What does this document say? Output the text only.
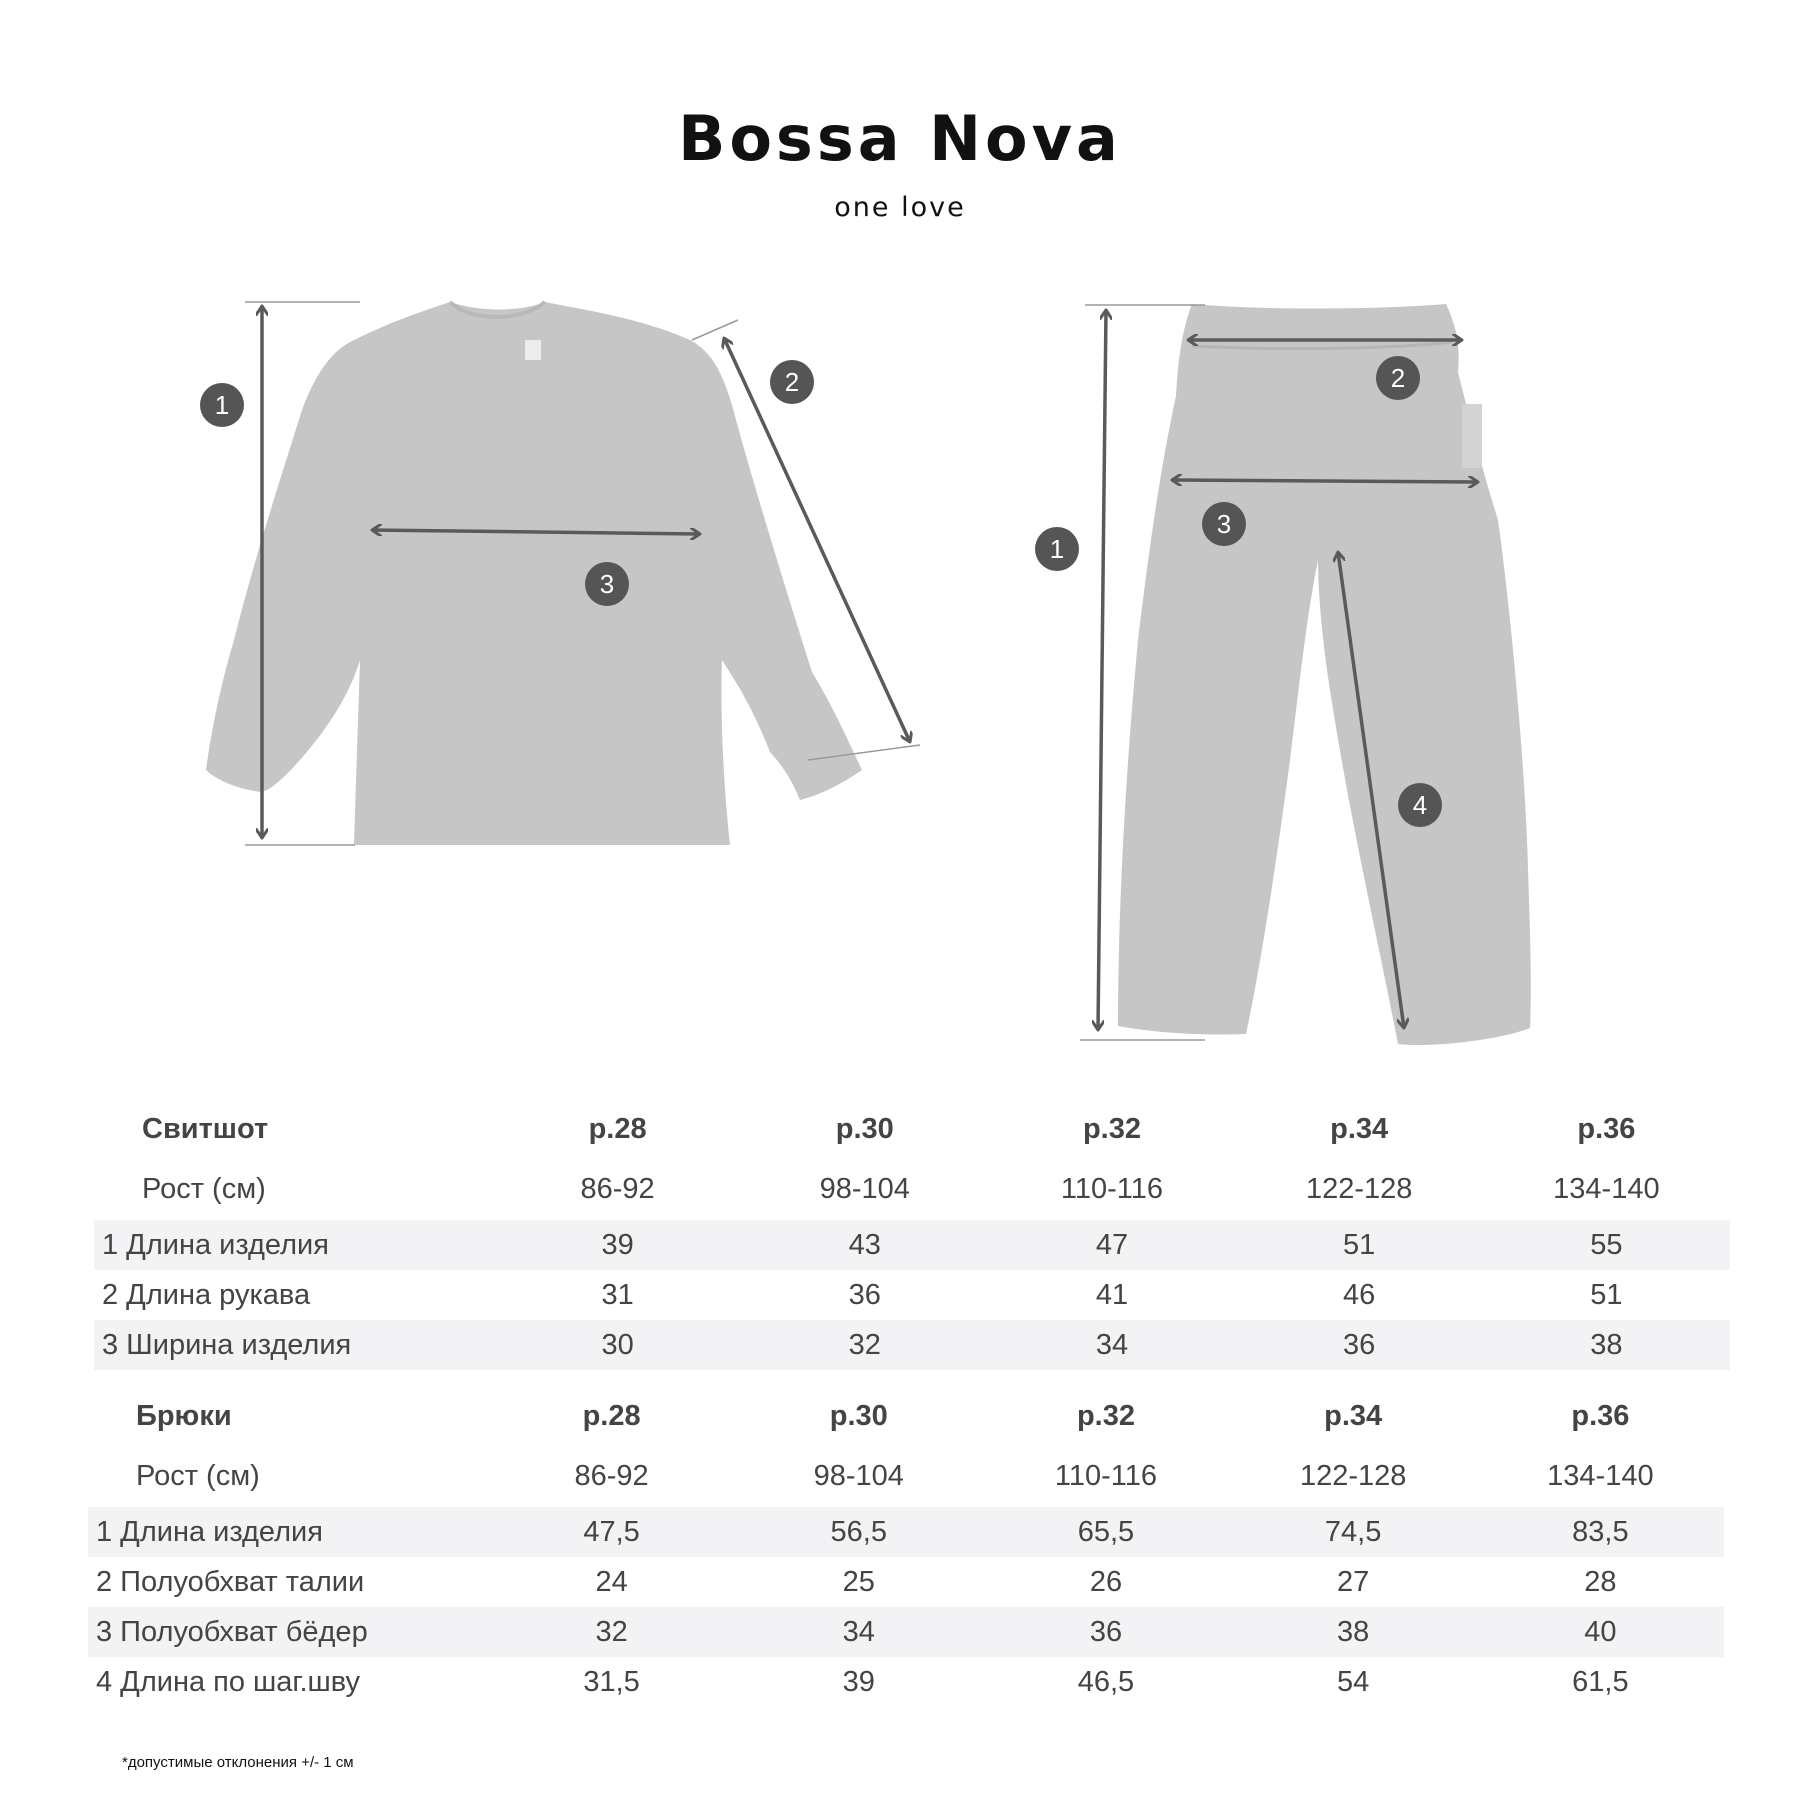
Bossa Nova
one love
1
2
3
1
2
3
4
Свитшот	р.28	р.30	р.32	р.34	р.36
Рост (см)	86-92	98-104	110-116	122-128	134-140
1 Длина изделия	39	43	47	51	55
2 Длина рукава	31	36	41	46	51
3 Ширина изделия	30	32	34	36	38
Брюки	р.28	р.30	р.32	р.34	р.36
Рост (см)	86-92	98-104	110-116	122-128	134-140
1 Длина изделия	47,5	56,5	65,5	74,5	83,5
2 Полуобхват талии	24	25	26	27	28
3 Полуобхват бёдер	32	34	36	38	40
4 Длина по шаг.шву	31,5	39	46,5	54	61,5
*допустимые отклонения +/- 1 см
